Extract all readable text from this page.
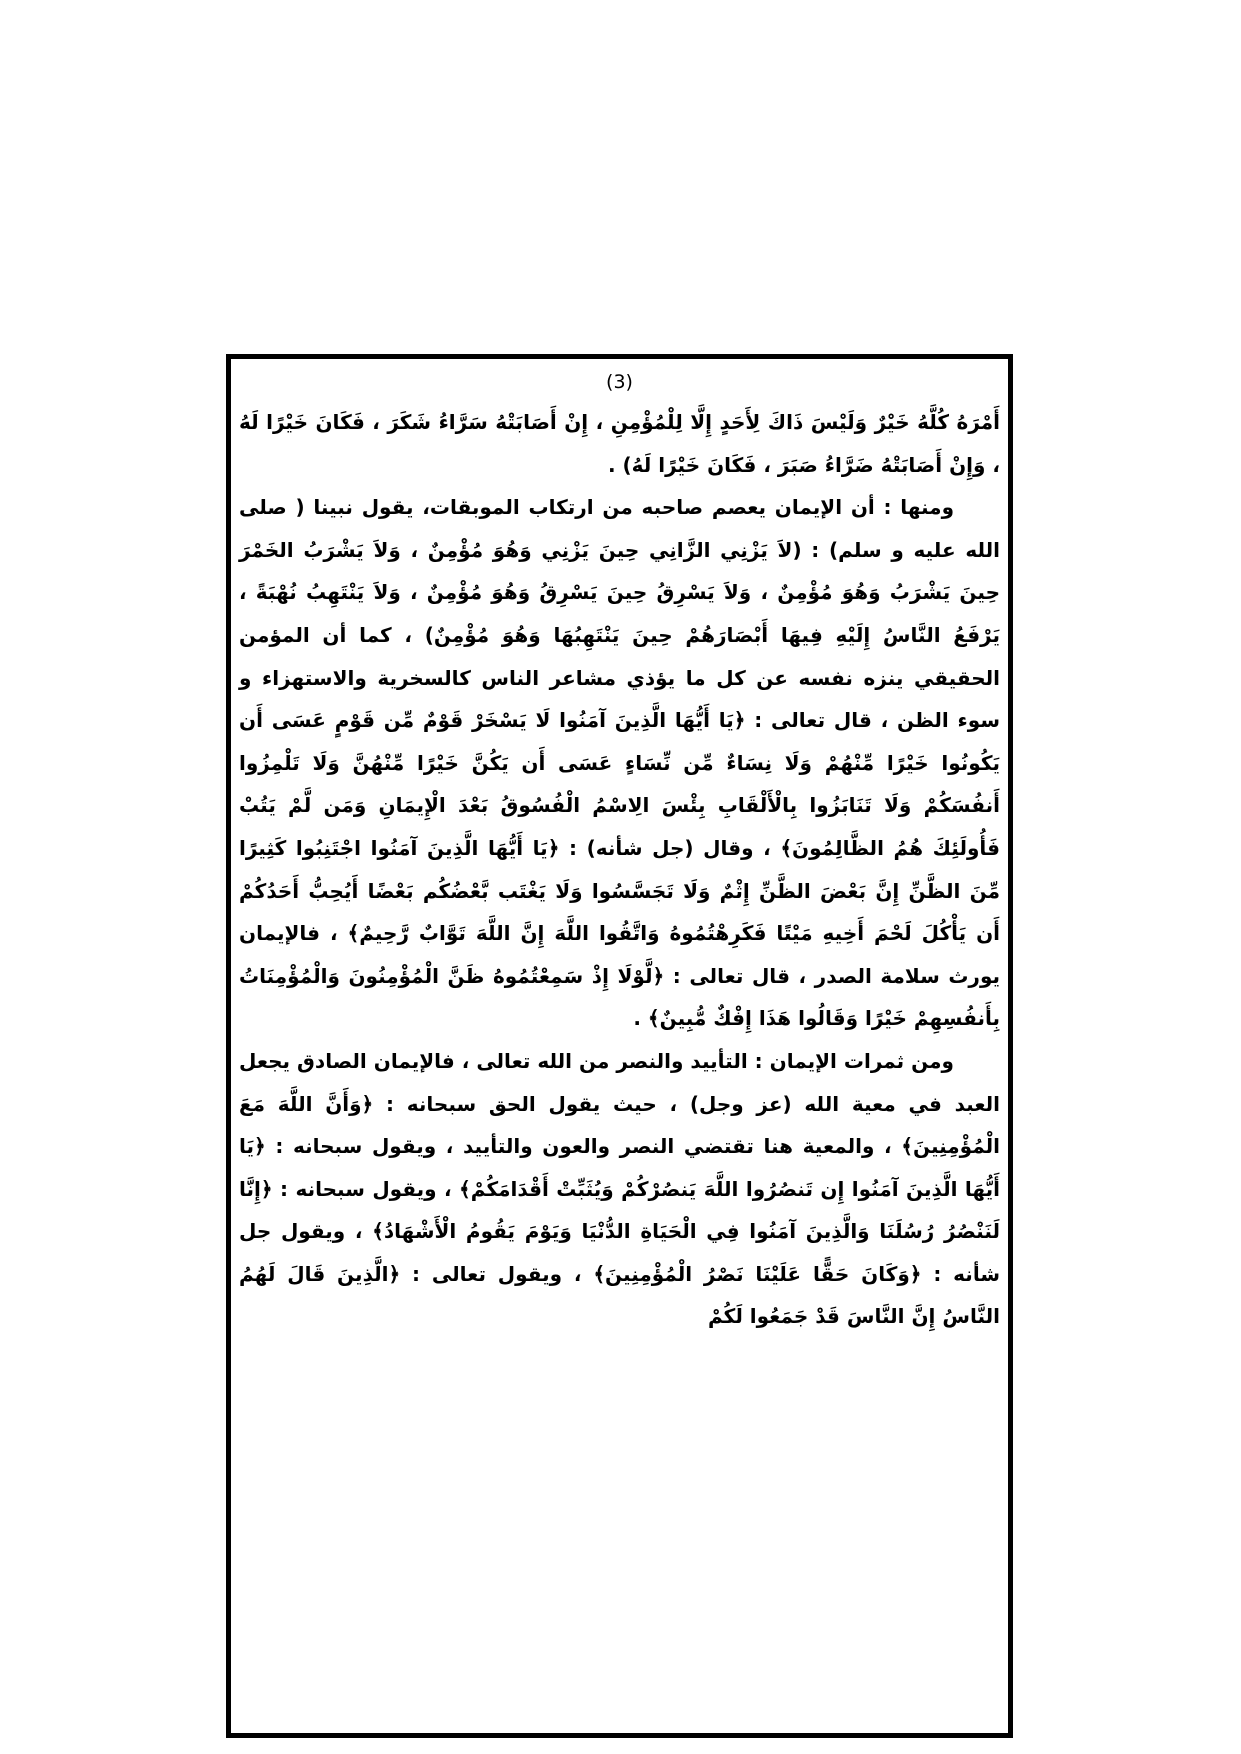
(3)

أَمْرَهُ كُلَّهُ خَيْرٌ وَلَيْسَ ذَاكَ لِأَحَدٍ إِلَّا لِلْمُؤْمِنِ ، إِنْ أَصَابَتْهُ سَرَّاءُ شَكَرَ ، فَكَانَ خَيْرًا لَهُ ، وَإِنْ أَصَابَتْهُ ضَرَّاءُ صَبَرَ ، فَكَانَ خَيْرًا لَهُ) .

ومنها : أن الإيمان يعصم صاحبه من ارتكاب الموبقات، يقول نبينا ( صلى الله عليه و سلم) : (لاَ يَزْنِي الزَّانِي حِينَ يَزْنِي وَهُوَ مُؤْمِنٌ ، وَلاَ يَشْرَبُ الخَمْرَ حِينَ يَشْرَبُ وَهُوَ مُؤْمِنٌ ، وَلاَ يَسْرِقُ حِينَ يَسْرِقُ وَهُوَ مُؤْمِنٌ ، وَلاَ يَنْتَهِبُ نُهْبَةً ، يَرْفَعُ النَّاسُ إِلَيْهِ فِيهَا أَبْصَارَهُمْ حِينَ يَنْتَهِبُهَا وَهُوَ مُؤْمِنٌ) ، كما أن المؤمن الحقيقي ينزه نفسه عن كل ما يؤذي مشاعر الناس كالسخرية والاستهزاء و سوء الظن ، قال تعالى : ﴿يَا أَيُّهَا الَّذِينَ آمَنُوا لَا يَسْخَرْ قَوْمٌ مِّن قَوْمٍ عَسَى أَن يَكُونُوا خَيْرًا مِّنْهُمْ وَلَا نِسَاءٌ مِّن نِّسَاءٍ عَسَى أَن يَكُنَّ خَيْرًا مِّنْهُنَّ وَلَا تَلْمِزُوا أَنفُسَكُمْ وَلَا تَنَابَزُوا بِالْأَلْقَابِ بِئْسَ الِاسْمُ الْفُسُوقُ بَعْدَ الْإِيمَانِ وَمَن لَّمْ يَتُبْ فَأُولَئِكَ هُمُ الظَّالِمُونَ﴾ ، وقال (جل شأنه) : ﴿يَا أَيُّهَا الَّذِينَ آمَنُوا اجْتَنِبُوا كَثِيرًا مِّنَ الظَّنِّ إِنَّ بَعْضَ الظَّنِّ إِثْمٌ وَلَا تَجَسَّسُوا وَلَا يَغْتَب بَّعْضُكُم بَعْضًا أَيُحِبُّ أَحَدُكُمْ أَن يَأْكُلَ لَحْمَ أَخِيهِ مَيْتًا فَكَرِهْتُمُوهُ وَاتَّقُوا اللَّهَ إِنَّ اللَّهَ تَوَّابٌ رَّحِيمٌ﴾ ، فالإيمان يورث سلامة الصدر ، قال تعالى : ﴿لَّوْلَا إِذْ سَمِعْتُمُوهُ ظَنَّ الْمُؤْمِنُونَ وَالْمُؤْمِنَاتُ بِأَنفُسِهِمْ خَيْرًا وَقَالُوا هَذَا إِفْكٌ مُّبِينٌ﴾ .

ومن ثمرات الإيمان : التأييد والنصر من الله تعالى ، فالإيمان الصادق يجعل العبد في معية الله (عز وجل) ، حيث يقول الحق سبحانه : ﴿وَأَنَّ اللَّهَ مَعَ الْمُؤْمِنِينَ﴾ ، والمعية هنا تقتضي النصر والعون والتأييد ، ويقول سبحانه : ﴿يَا أَيُّهَا الَّذِينَ آمَنُوا إِن تَنصُرُوا اللَّهَ يَنصُرْكُمْ وَيُثَبِّتْ أَقْدَامَكُمْ﴾ ، ويقول سبحانه : ﴿إِنَّا لَنَنْصُرُ رُسُلَنَا وَالَّذِينَ آمَنُوا فِي الْحَيَاةِ الدُّنْيَا وَيَوْمَ يَقُومُ الْأَشْهَادُ﴾ ، ويقول جل شأنه : ﴿وَكَانَ حَقًّا عَلَيْنَا نَصْرُ الْمُؤْمِنِينَ﴾ ، ويقول تعالى : ﴿الَّذِينَ قَالَ لَهُمُ النَّاسُ إِنَّ النَّاسَ قَدْ جَمَعُوا لَكُمْ
